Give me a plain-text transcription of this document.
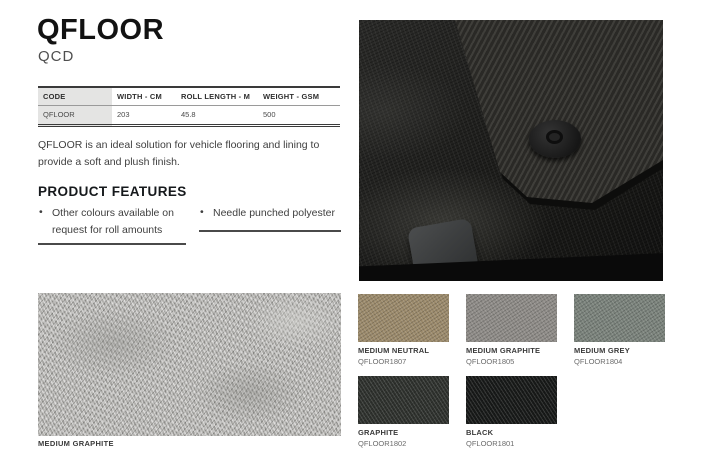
QFLOOR
QCD
CODE	WIDTH - CM	ROLL LENGTH - M	WEIGHT - GSM
QFLOOR	203	45.8	500

QFLOOR is an ideal solution for vehicle flooring and lining to provide a soft and plush finish.

PRODUCT FEATURES
• Other colours available on request for roll amounts
• Needle punched polyester
MEDIUM GRAPHITE
MEDIUM NEUTRAL
QFLOOR1807
MEDIUM GRAPHITE
QFLOOR1805
MEDIUM GREY
QFLOOR1804
GRAPHITE
QFLOOR1802
BLACK
QFLOOR1801
